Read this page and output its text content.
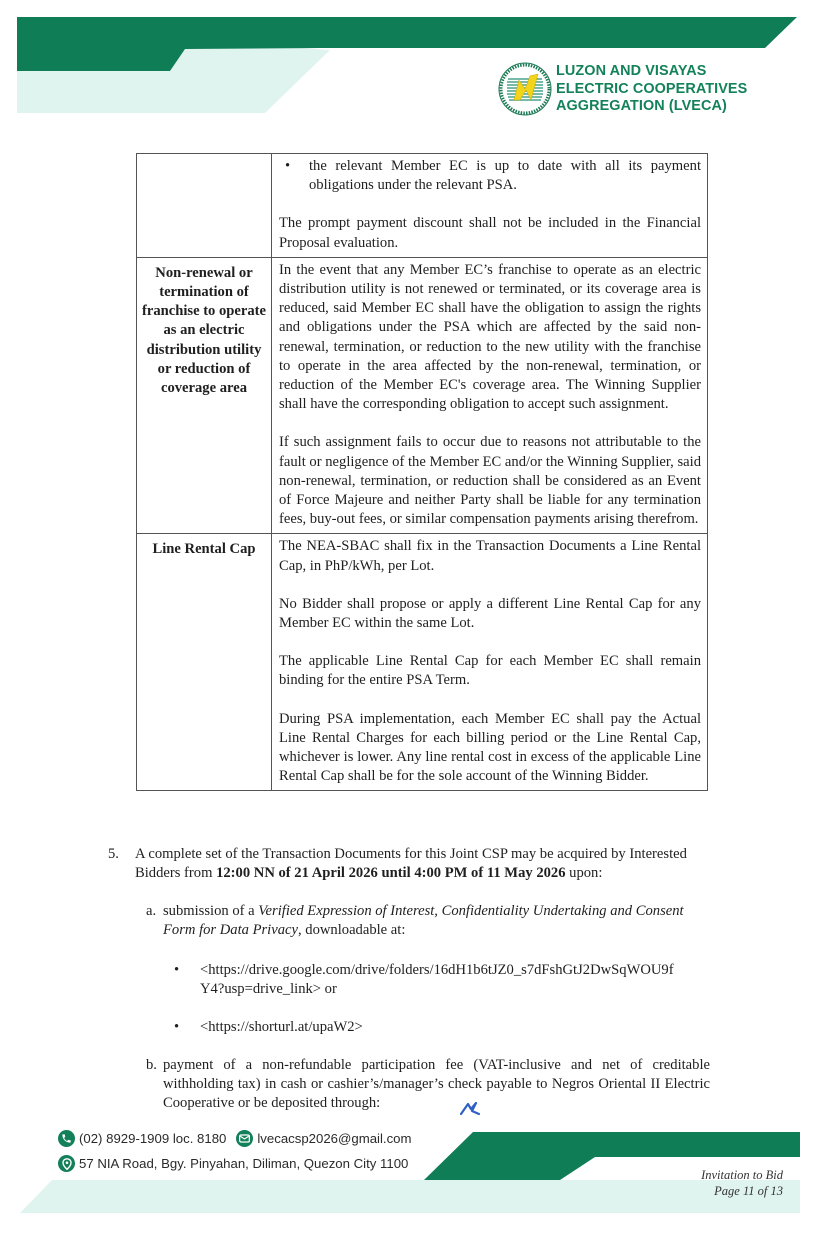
LUZON AND VISAYAS
ELECTRIC COOPERATIVES
AGGREGATION (LVECA)

	• the relevant Member EC is up to date with all its payment obligations under the relevant PSA.

The prompt payment discount shall not be included in the Financial Proposal evaluation.

Non-renewal or termination of franchise to operate as an electric distribution utility or reduction of coverage area	In the event that any Member EC’s franchise to operate as an electric distribution utility is not renewed or terminated, or its coverage area is reduced, said Member EC shall have the obligation to assign the rights and obligations under the PSA which are affected by the said non-renewal, termination, or reduction to the new utility with the franchise to operate in the area affected by the non-renewal, termination, or reduction of the Member EC's coverage area. The Winning Supplier shall have the corresponding obligation to accept such assignment.

If such assignment fails to occur due to reasons not attributable to the fault or negligence of the Member EC and/or the Winning Supplier, said non-renewal, termination, or reduction shall be considered as an Event of Force Majeure and neither Party shall be liable for any termination fees, buy-out fees, or similar compensation payments arising therefrom.

Line Rental Cap	The NEA-SBAC shall fix in the Transaction Documents a Line Rental Cap, in PhP/kWh, per Lot.

No Bidder shall propose or apply a different Line Rental Cap for any Member EC within the same Lot.

The applicable Line Rental Cap for each Member EC shall remain binding for the entire PSA Term.

During PSA implementation, each Member EC shall pay the Actual Line Rental Charges for each billing period or the Line Rental Cap, whichever is lower. Any line rental cost in excess of the applicable Line Rental Cap shall be for the sole account of the Winning Bidder.

5. A complete set of the Transaction Documents for this Joint CSP may be acquired by Interested Bidders from 12:00 NN of 21 April 2026 until 4:00 PM of 11 May 2026 upon:
a. submission of a Verified Expression of Interest, Confidentiality Undertaking and Consent Form for Data Privacy, downloadable at:
• <https://drive.google.com/drive/folders/16dH1b6tJZ0_s7dFshGtJ2DwSqWOU9f
Y4?usp=drive_link> or
• <https://shorturl.at/upaW2>
b. payment of a non-refundable participation fee (VAT-inclusive and net of creditable withholding tax) in cash or cashier’s/manager’s check payable to Negros Oriental II Electric Cooperative or be deposited through:
(02) 8929-1909 loc. 8180 lvecacsp2026@gmail.com
57 NIA Road, Bgy. Pinyahan, Diliman, Quezon City 1100
Invitation to Bid
Page 11 of 13
